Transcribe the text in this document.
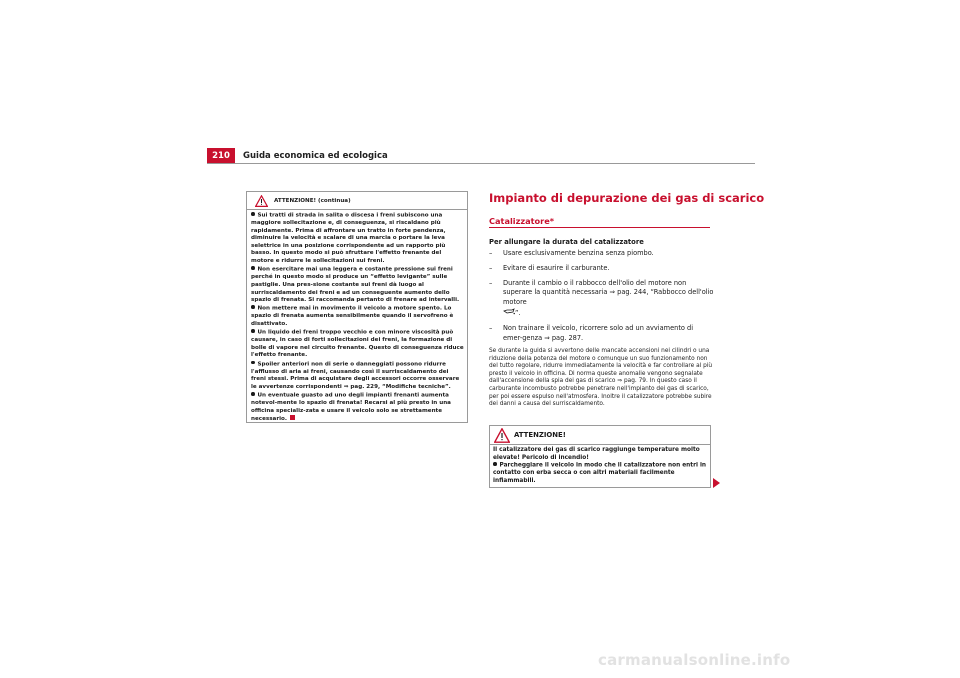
210	Guida economica ed ecologica
ATTENZIONE! (continua)

Sui tratti di strada in salita o discesa i freni subiscono una maggiore sollecitazione e, di conseguenza, si riscaldano più rapidamente. Prima di affrontare un tratto in forte pendenza, diminuire la velocità e scalare di una marcia o portare la leva selettrice in una posizione corrispondente ad un rapporto più basso. In questo modo si può sfruttare l'effetto frenante del motore e ridurre le sollecitazioni sui freni.

Non esercitare mai una leggera e costante pressione sui freni perché in questo modo si produce un “effetto levigante” sulle pastiglie. Una pres-sione costante sui freni dà luogo al surriscaldamento dei freni e ad un conseguente aumento dello spazio di frenata. Si raccomanda pertanto di frenare ad intervalli.

Non mettere mai in movimento il veicolo a motore spento. Lo spazio di frenata aumenta sensibilmente quando il servofreno è disattivato.

Un liquido dei freni troppo vecchio e con minore viscosità può causare, in caso di forti sollecitazioni dei freni, la formazione di bolle di vapore nel circuito frenante. Questo di conseguenza riduce l'effetto frenante.

Spoiler anteriori non di serie o danneggiati possono ridurre l'afflusso di aria ai freni, causando così il surriscaldamento dei freni stessi. Prima di acquistare degli accessori occorre osservare le avvertenze corrispondenti ⇒ pag. 229, “Modifiche tecniche”.

Un eventuale guasto ad uno degli impianti frenanti aumenta notevol-mente lo spazio di frenata! Recarsi al più presto in una officina specializ-zata e usare il veicolo solo se strettamente necessario.

Impianto di depurazione dei gas di scarico
Catalizzatore*
Per allungare la durata del catalizzatore
– Usare esclusivamente benzina senza piombo.
– Evitare di esaurire il carburante.
– Durante il cambio o il rabbocco dell'olio del motore non superare la quantità necessaria ⇒ pag. 244, “Rabbocco dell'olio motore
”.
– Non trainare il veicolo, ricorrere solo ad un avviamento di emer-genza ⇒ pag. 287.
Se durante la guida si avvertono delle mancate accensioni nei cilindri o una riduzione della potenza del motore o comunque un suo funzionamento non del tutto regolare, ridurre immediatamente la velocità e far controllare al più presto il veicolo in officina. Di norma queste anomalie vengono segnalate dall'accensione della spia dei gas di scarico ⇒ pag. 79. In questo caso il carburante incombusto potrebbe penetrare nell'impianto dei gas di scarico, per poi essere espulso nell'atmosfera. Inoltre il catalizzatore potrebbe subire dei danni a causa del surriscaldamento.
ATTENZIONE!

Il catalizzatore dei gas di scarico raggiunge temperature molto elevate! Pericolo di incendio!

Parcheggiare il veicolo in modo che il catalizzatore non entri in contatto con erba secca o con altri materiali facilmente infiammabili.

carmanualsonline.info
